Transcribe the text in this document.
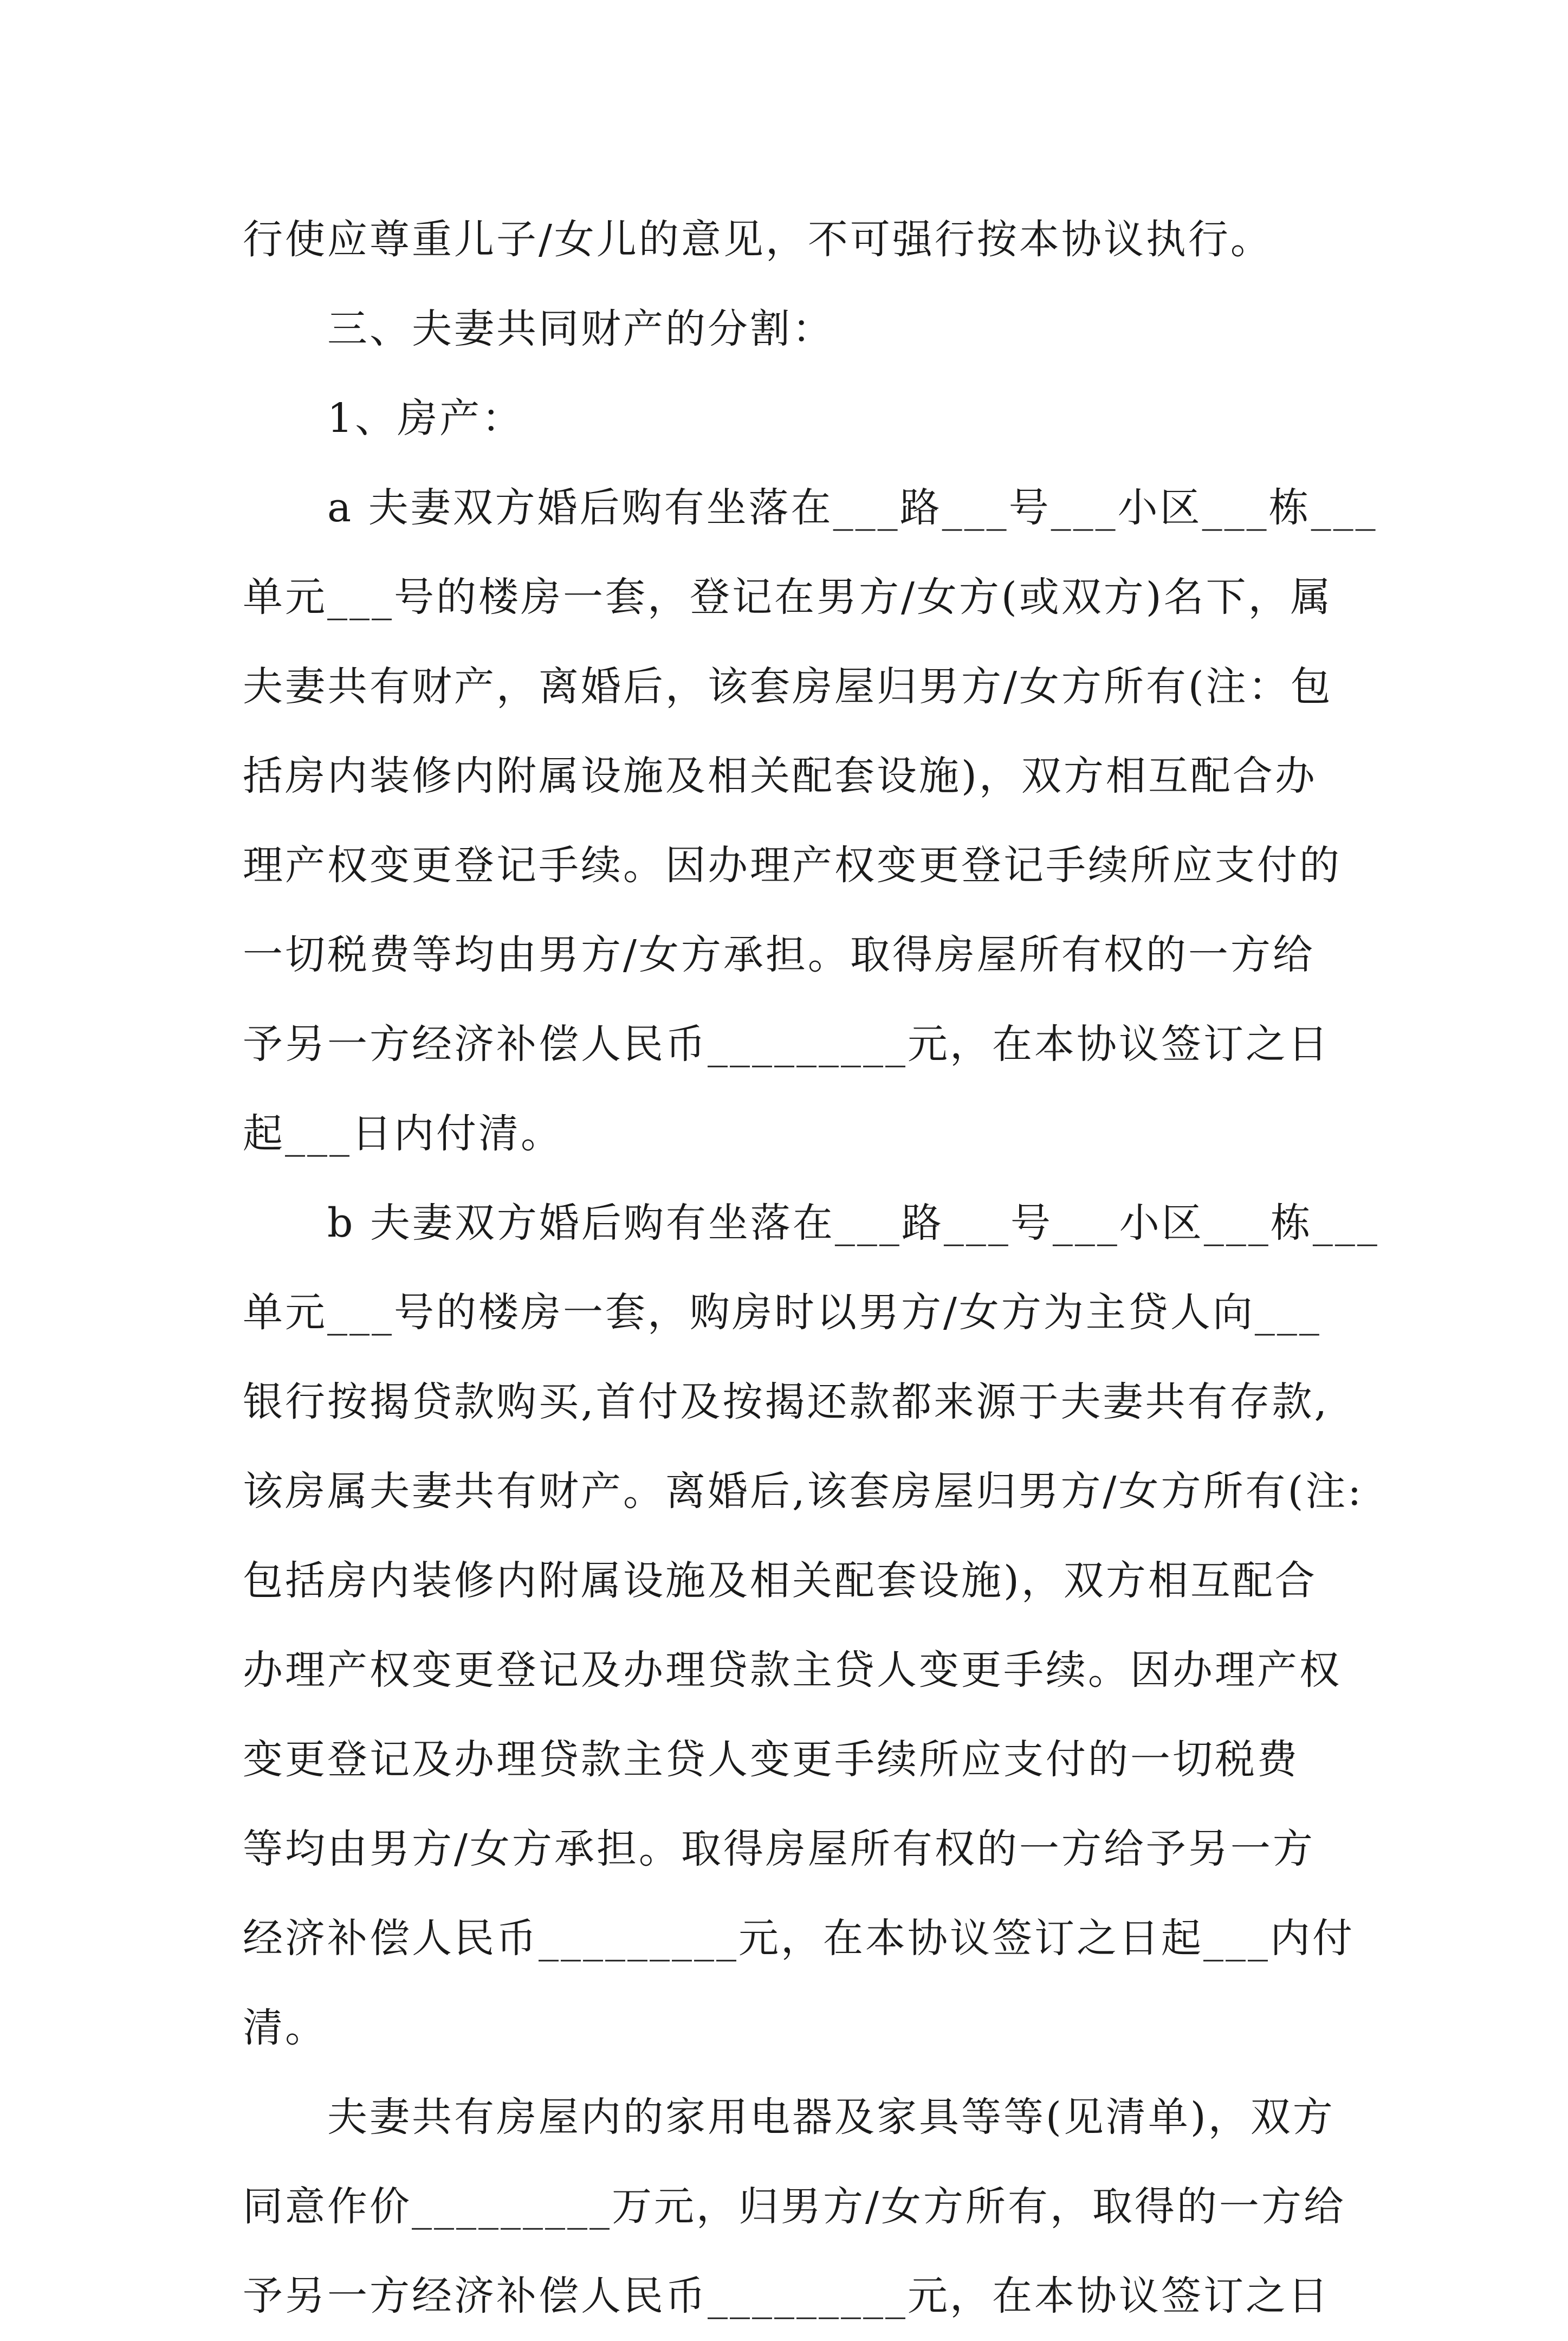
行使应尊重儿子/女儿的意见，不可强行按本协议执行。
三、夫妻共同财产的分割：
1、房产：
a 夫妻双方婚后购有坐落在___路___号___小区___栋___
单元___号的楼房一套，登记在男方/女方(或双方)名下，属
夫妻共有财产，离婚后，该套房屋归男方/女方所有(注：包
括房内装修内附属设施及相关配套设施)，双方相互配合办
理产权变更登记手续。因办理产权变更登记手续所应支付的
一切税费等均由男方/女方承担。取得房屋所有权的一方给
予另一方经济补偿人民币_________元，在本协议签订之日
起___日内付清。
b 夫妻双方婚后购有坐落在___路___号___小区___栋___
单元___号的楼房一套，购房时以男方/女方为主贷人向___
银行按揭贷款购买,首付及按揭还款都来源于夫妻共有存款,
该房属夫妻共有财产。离婚后,该套房屋归男方/女方所有(注:
包括房内装修内附属设施及相关配套设施)，双方相互配合
办理产权变更登记及办理贷款主贷人变更手续。因办理产权
变更登记及办理贷款主贷人变更手续所应支付的一切税费
等均由男方/女方承担。取得房屋所有权的一方给予另一方
经济补偿人民币_________元，在本协议签订之日起___内付
清。
夫妻共有房屋内的家用电器及家具等等(见清单)，双方
同意作价_________万元，归男方/女方所有，取得的一方给
予另一方经济补偿人民币_________元，在本协议签订之日
